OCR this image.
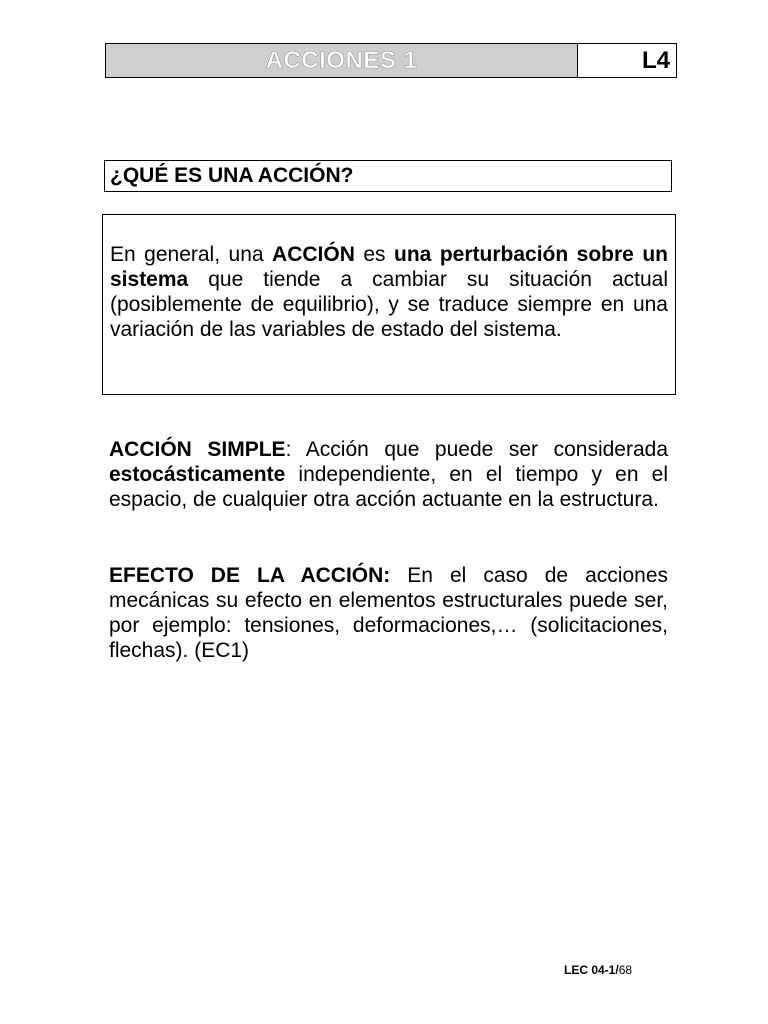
ACCIONES 1	L4
¿QUÉ ES UNA ACCIÓN?

En general, una ACCIÓN es una perturbación sobre un sistema que tiende a cambiar su situación actual (posiblemente de equilibrio), y se traduce siempre en una variación de las variables de estado del sistema.

ACCIÓN SIMPLE: Acción que puede ser considerada estocásticamente independiente, en el tiempo y en el espacio, de cualquier otra acción actuante en la estructura.

EFECTO DE LA ACCIÓN: En el caso de acciones mecánicas su efecto en elementos estructurales puede ser, por ejemplo: tensiones, deformaciones,… (solicitaciones, flechas). (EC1)

LEC 04-1/68
